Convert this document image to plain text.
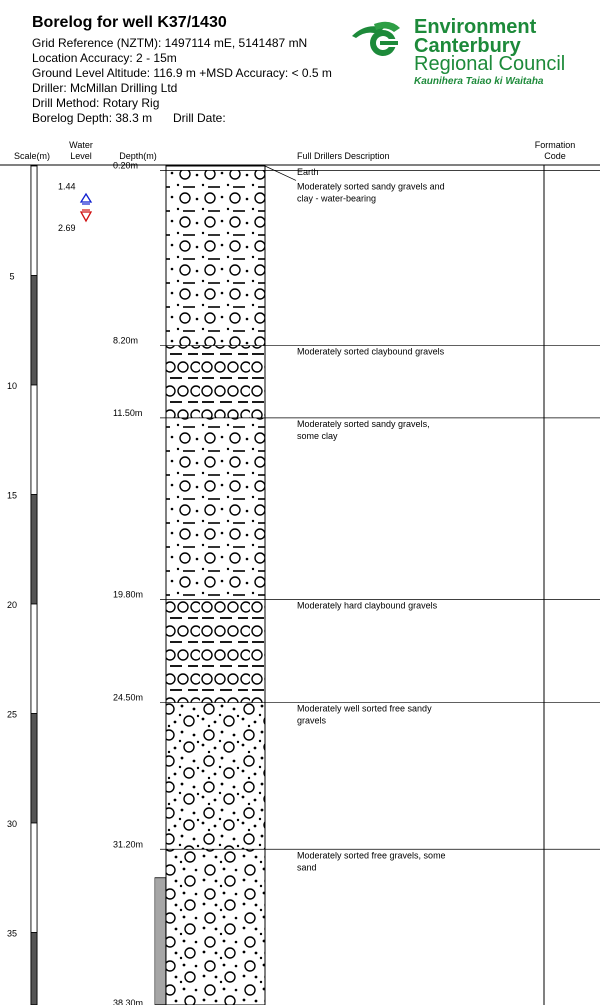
Borelog for well K37/1430
Grid Reference (NZTM): 1497114 mE, 5141487 mN
Location Accuracy: 2 - 15m
Ground Level Altitude: 116.9 m +MSD Accuracy: < 0.5 m
Driller: McMillan Drilling Ltd
Drill Method: Rotary Rig
Borelog Depth: 38.3 m Drill Date:
Environment
Canterbury
Regional Council
Kaunihera Taiao ki Waitaha
Scale(m)
Water Level	Depth(m)	Full Drillers Description
Formation Code
5
10
15
20
25
30
35
1.44
2.69
0.20m
8.20m
11.50m
19.80m
24.50m
31.20m
38.30m
Earth
Moderately sorted sandy gravels and
clay - water-bearing
Moderately sorted claybound gravels
Moderately sorted sandy gravels,
some clay
Moderately hard claybound gravels
Moderately well sorted free sandy
gravels
Moderately sorted free gravels, some
sand
